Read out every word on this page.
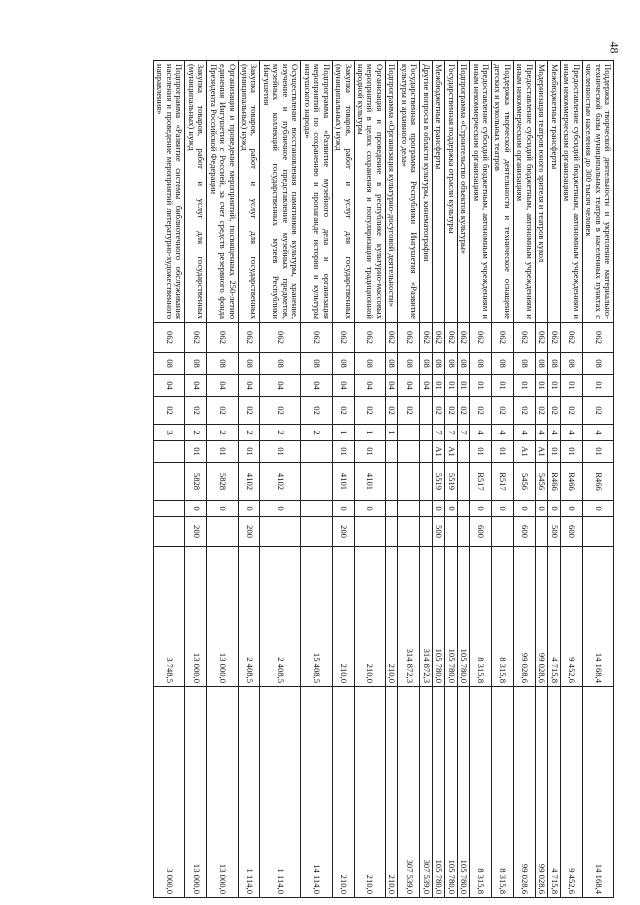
48
Поддержка творческой деятельности и укрепление материально-технической базы муниципальных театров в населенных пунктах с численностью населения до 300 тысяч человек	062	08	01	02	4	01	R466	0		14 168,4	14 168,4
Предоставление субсидий бюджетным, автономным учреждениям и иным некоммерческим организациям	062	08	01	02	4	01	R466	0	600	9 452,6	9 452,6
Межбюджетные трансферты	062	08	01	02	4	01	R466	0	500	4 715,8	4 715,8
Модернизация театров юного зрителя и театров кукол	062	08	01	02	4	A1	5456	0		99 028,6	99 028,6
Предоставление субсидий бюджетным, автономным учреждениям и иным некоммерческим организациям	062	08	01	02	4	A1	5456	0	600	99 028,6	99 028,6
Поддержка творческой деятельности и техническое оснащение детских и кукольных театров	062	08	01	02	4	01	R517	0		8 315,8	8 315,8
Предоставление субсидий бюджетным, автономным учреждениям и иным некоммерческим организациям	062	08	01	02	4	01	R517	0	600	8 315,8	8 315,8
Подпрограмма «Строительство объектов культуры»	062	08	01	02	7					105 780,0	105 780,0
Государственная поддержка отрасли культуры	062	08	01	02	7	A1	5519	0		105 780,0	105 780,0
Межбюджетные трансферты	062	08	01	02	7	A1	5519	0	500	105 780,0	105 780,0
Другие вопросы в области культуры, кинематографии	062	08	04							314 872,3	307 539,0
Государственная программа Республики Ингушетия «Развитие культуры и архивного дела»	062	08	04	02						314 872,3	307 539,0
Подпрограмма «Организация культурно-досуговой деятельности»	062	08	04	02	1					210,0	210,0
Организация и проведение в республике культурно-массовых мероприятий в целях сохранения и популяризации традиционной народной культуры	062	08	04	02	1	01	4101	0		210,0	210,0
Закупка товаров, работ и услуг для государственных (муниципальных) нужд	062	08	04	02	1	01	4101	0	200	210,0	210,0
Подпрограмма «Развитие музейного дела и организация мероприятий по сохранению и пропаганде истории и культуры ингушского народа»	062	08	04	02	2					15 408,5	14 114,0
Осуществление восстановления памятников культуры, хранение, изучение и публичное представление музейных предметов, музейных коллекций государственных музеев Республики Ингушетия	062	08	04	02	2	01	4102	0		2 408,5	1 114,0
Закупка товаров, работ и услуг для государственных (муниципальных) нужд	062	08	04	02	2	01	4102	0	200	2 408,5	1 114,0
Организация и проведение мероприятий, посвященных 250-летию единения Ингушетии с Россией, за счет средств резервного фонда Президента Российской Федерации	062	08	04	02	2	01	5828	0		13 000,0	13 000,0
Закупка товаров, работ и услуг для государственных (муниципальных) нужд	062	08	04	02	2	01	5828	0	200	13 000,0	13 000,0
Подпрограмма «Развитие системы библиотечного обслуживания населения и проведение мероприятий литературно-художественного направления»	062	08	04	02	3					3 748,5	3 000,0
